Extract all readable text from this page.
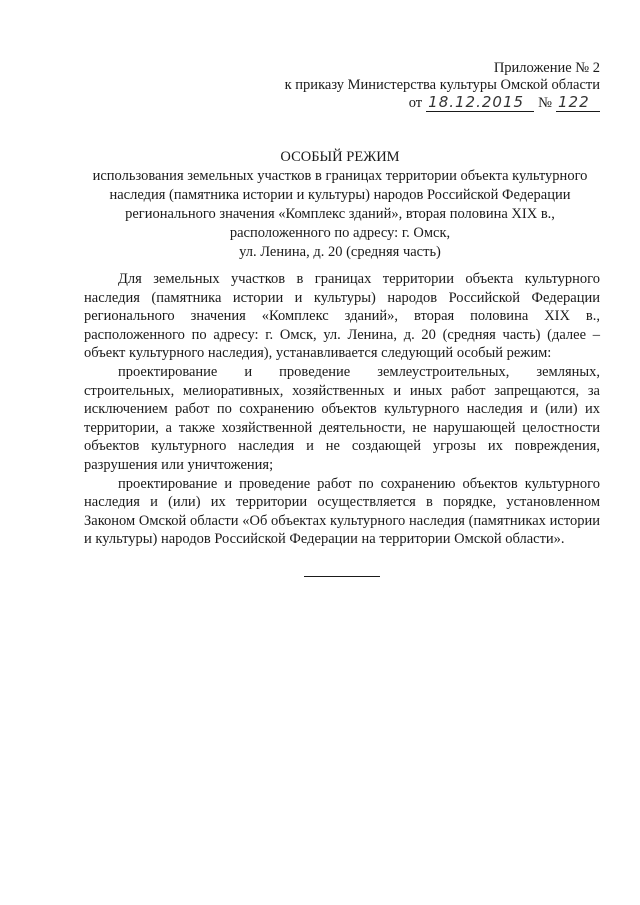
Приложение № 2
к приказу Министерства культуры Омской области
от 18.12.2015 № 122
ОСОБЫЙ РЕЖИМ
использования земельных участков в границах территории объекта культурного
наследия (памятника истории и культуры) народов Российской Федерации
регионального значения «Комплекс зданий», вторая половина XIX в.,
расположенного по адресу: г. Омск,
ул. Ленина, д. 20 (средняя часть)

Для земельных участков в границах территории объекта культурного наследия (памятника истории и культуры) народов Российской Федерации регионального значения «Комплекс зданий», вторая половина XIX в., расположенного по адресу: г. Омск, ул. Ленина, д. 20 (средняя часть) (далее – объект культурного наследия), устанавливается следующий особый режим:

проектирование и проведение землеустроительных, земляных, строительных, мелиоративных, хозяйственных и иных работ запрещаются, за исключением работ по сохранению объектов культурного наследия и (или) их территории, а также хозяйственной деятельности, не нарушающей целостности объектов культурного наследия и не создающей угрозы их повреждения, разрушения или уничтожения;

проектирование и проведение работ по сохранению объектов культурного наследия и (или) их территории осуществляется в порядке, установленном Законом Омской области «Об объектах культурного наследия (памятниках истории и культуры) народов Российской Федерации на территории Омской области».
